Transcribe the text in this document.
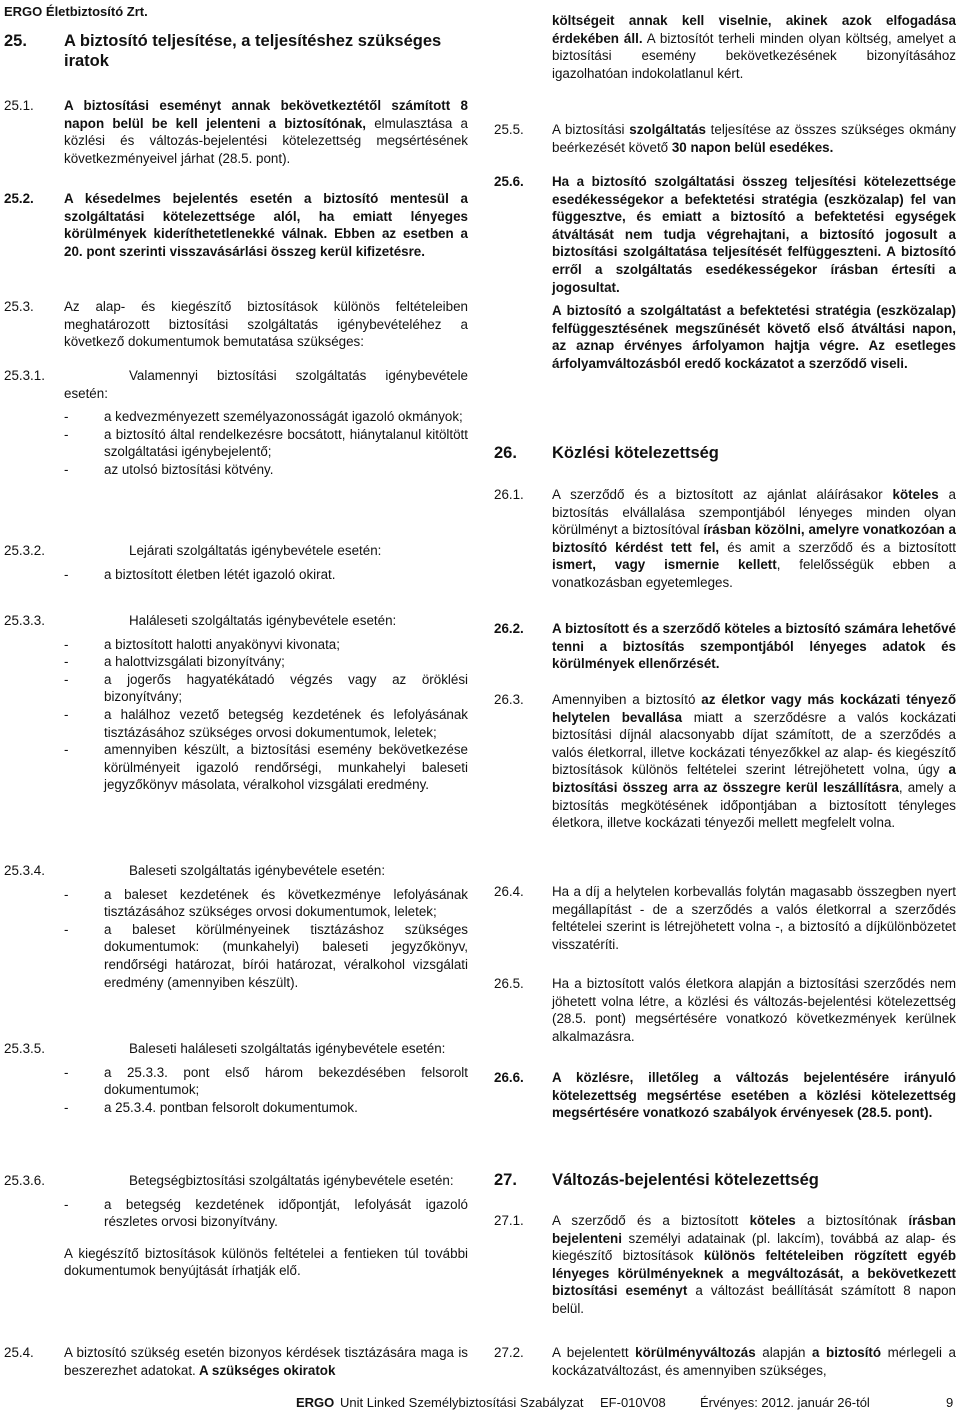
ERGO Életbiztosító Zrt.
25. A biztosító teljesítése, a teljesítéshez szükséges iratok
25.1. A biztosítási eseményt annak bekövetkeztétől számított 8 napon belül be kell jelenteni a biztosítónak, elmulasztása a közlési és változás-bejelentési kötelezettség megsértésének következményeivel járhat (28.5. pont).
25.2. A késedelmes bejelentés esetén a biztosító mentesül a szolgáltatási kötelezettsége alól, ha emiatt lényeges körülmények kideríthetetlenekké válnak. Ebben az esetben a 20. pont szerinti visszavásárlási összeg kerül kifizetésre.
25.3. Az alap- és kiegészítő biztosítások különös feltételeiben meghatározott biztosítási szolgáltatás igénybevételéhez a következő dokumentumok bemutatása szükséges:
25.3.1.	Valamennyi biztosítási szolgáltatás igénybevétele esetén:
-	a kedvezményezett személyazonosságát igazoló okmányok;
-	a biztosító által rendelkezésre bocsátott, hiánytalanul kitöltött szolgáltatási igénybejelentő;
-	az utolsó biztosítási kötvény.
25.3.2.	Lejárati szolgáltatás igénybevétele esetén:
-	a biztosított életben létét igazoló okirat.
25.3.3.	Haláleseti szolgáltatás igénybevétele esetén:
-	a biztosított halotti anyakönyvi kivonata;
-	a halottvizsgálati bizonyítvány;
-	a jogerős hagyatékátadó végzés vagy az öröklési bizonyítvány;
-	a halálhoz vezető betegség kezdetének és lefolyásának tisztázásához szükséges orvosi dokumentumok, leletek;
-	amennyiben készült, a biztosítási esemény bekövetkezése körülményeit igazoló rendőrségi, munkahelyi baleseti jegyzőkönyv másolata, véralkohol vizsgálati eredmény.
25.3.4.	Baleseti szolgáltatás igénybevétele esetén:
-	a baleset kezdetének és következménye lefolyásának tisztázásához szükséges orvosi dokumentumok, leletek;
-	a baleset körülményeinek tisztázáshoz szükséges dokumentumok: (munkahelyi) baleseti jegyzőkönyv, rendőrségi határozat, bírói határozat, véralkohol vizsgálati eredmény (amennyiben készült).
25.3.5.	Baleseti haláleseti szolgáltatás igénybevétele esetén:
-	a 25.3.3. pont első három bekezdésében felsorolt dokumentumok;
-	a 25.3.4. pontban felsorolt dokumentumok.
25.3.6.	Betegségbiztosítási szolgáltatás igénybevétele esetén:
-	a betegség kezdetének időpontját, lefolyását igazoló részletes orvosi bizonyítvány.
A kiegészítő biztosítások különös feltételei a fentieken túl további dokumentumok benyújtását írhatják elő.
25.4. A biztosító szükség esetén bizonyos kérdések tisztázására maga is beszerezhet adatokat. A szükséges okiratok
költségeit annak kell viselnie, akinek azok elfogadása érdekében áll. A biztosítót terheli minden olyan költség, amelyet a biztosítási esemény bekövetkezésének bizonyításához igazolhatóan indokolatlanul kért.
25.5. A biztosítási szolgáltatás teljesítése az összes szükséges okmány beérkezését követő 30 napon belül esedékes.
25.6. Ha a biztosító szolgáltatási összeg teljesítési kötelezettsége esedékességekor a befektetési stratégia (eszközalap) fel van függesztve, és emiatt a biztosító a befektetési egységek átváltását nem tudja végrehajtani, a biztosító jogosult a biztosítási szolgáltatása teljesítését felfüggeszteni. A biztosító erről a szolgáltatás esedékességekor írásban értesíti a jogosultat.
A biztosító a szolgáltatást a befektetési stratégia (eszközalap) felfüggesztésének megszűnését követő első átváltási napon, az aznap érvényes árfolyamon hajtja végre. Az esetleges árfolyamváltozásból eredő kockázatot a szerződő viseli.
26. Közlési kötelezettség
26.1. A szerződő és a biztosított az ajánlat aláírásakor köteles a biztosítás elvállalása szempontjából lényeges minden olyan körülményt a biztosítóval írásban közölni, amelyre vonatkozóan a biztosító kérdést tett fel, és amit a szerződő és a biztosított ismert, vagy ismernie kellett, felelősségük ebben a vonatkozásban egyetemleges.
26.2. A biztosított és a szerződő köteles a biztosító számára lehetővé tenni a biztosítás szempontjából lényeges adatok és körülmények ellenőrzését.
26.3. Amennyiben a biztosító az életkor vagy más kockázati tényező helytelen bevallása miatt a szerződésre a valós kockázati biztosítási díjnál alacsonyabb díjat számított, de a szerződés a valós életkorral, illetve kockázati tényezőkkel az alap- és kiegészítő biztosítások különös feltételei szerint létrejöhetett volna, úgy a biztosítási összeg arra az összegre kerül leszállításra, amely a biztosítás megkötésének időpontjában a biztosított tényleges életkora, illetve kockázati tényezői mellett megfelelt volna.
26.4. Ha a díj a helytelen korbevallás folytán magasabb összegben nyert megállapítást - de a szerződés a valós életkorral a szerződés feltételei szerint is létrejöhetett volna -, a biztosító a díjkülönbözetet visszatéríti.
26.5. Ha a biztosított valós életkora alapján a biztosítási szerződés nem jöhetett volna létre, a közlési és változás-bejelentési kötelezettség (28.5. pont) megsértésére vonatkozó következmények kerülnek alkalmazásra.
26.6. A közlésre, illetőleg a változás bejelentésére irányuló kötelezettség megsértése esetében a közlési kötelezettség megsértésére vonatkozó szabályok érvényesek (28.5. pont).
27. Változás-bejelentési kötelezettség
27.1. A szerződő és a biztosított köteles a biztosítónak írásban bejelenteni személyi adatainak (pl. lakcím), továbbá az alap- és kiegészítő biztosítások különös feltételeiben rögzített egyéb lényeges körülményeknek a megváltozását, a bekövetkezett biztosítási eseményt a változást beállítását számított 8 napon belül.
27.2. A bejelentett körülményváltozás alapján a biztosító mérlegeli a kockázatváltozást, és amennyiben szükséges,
ERGO Unit Linked Személybiztosítási Szabályzat EF-010V08	Érvényes: 2012. január 26-tól	9
